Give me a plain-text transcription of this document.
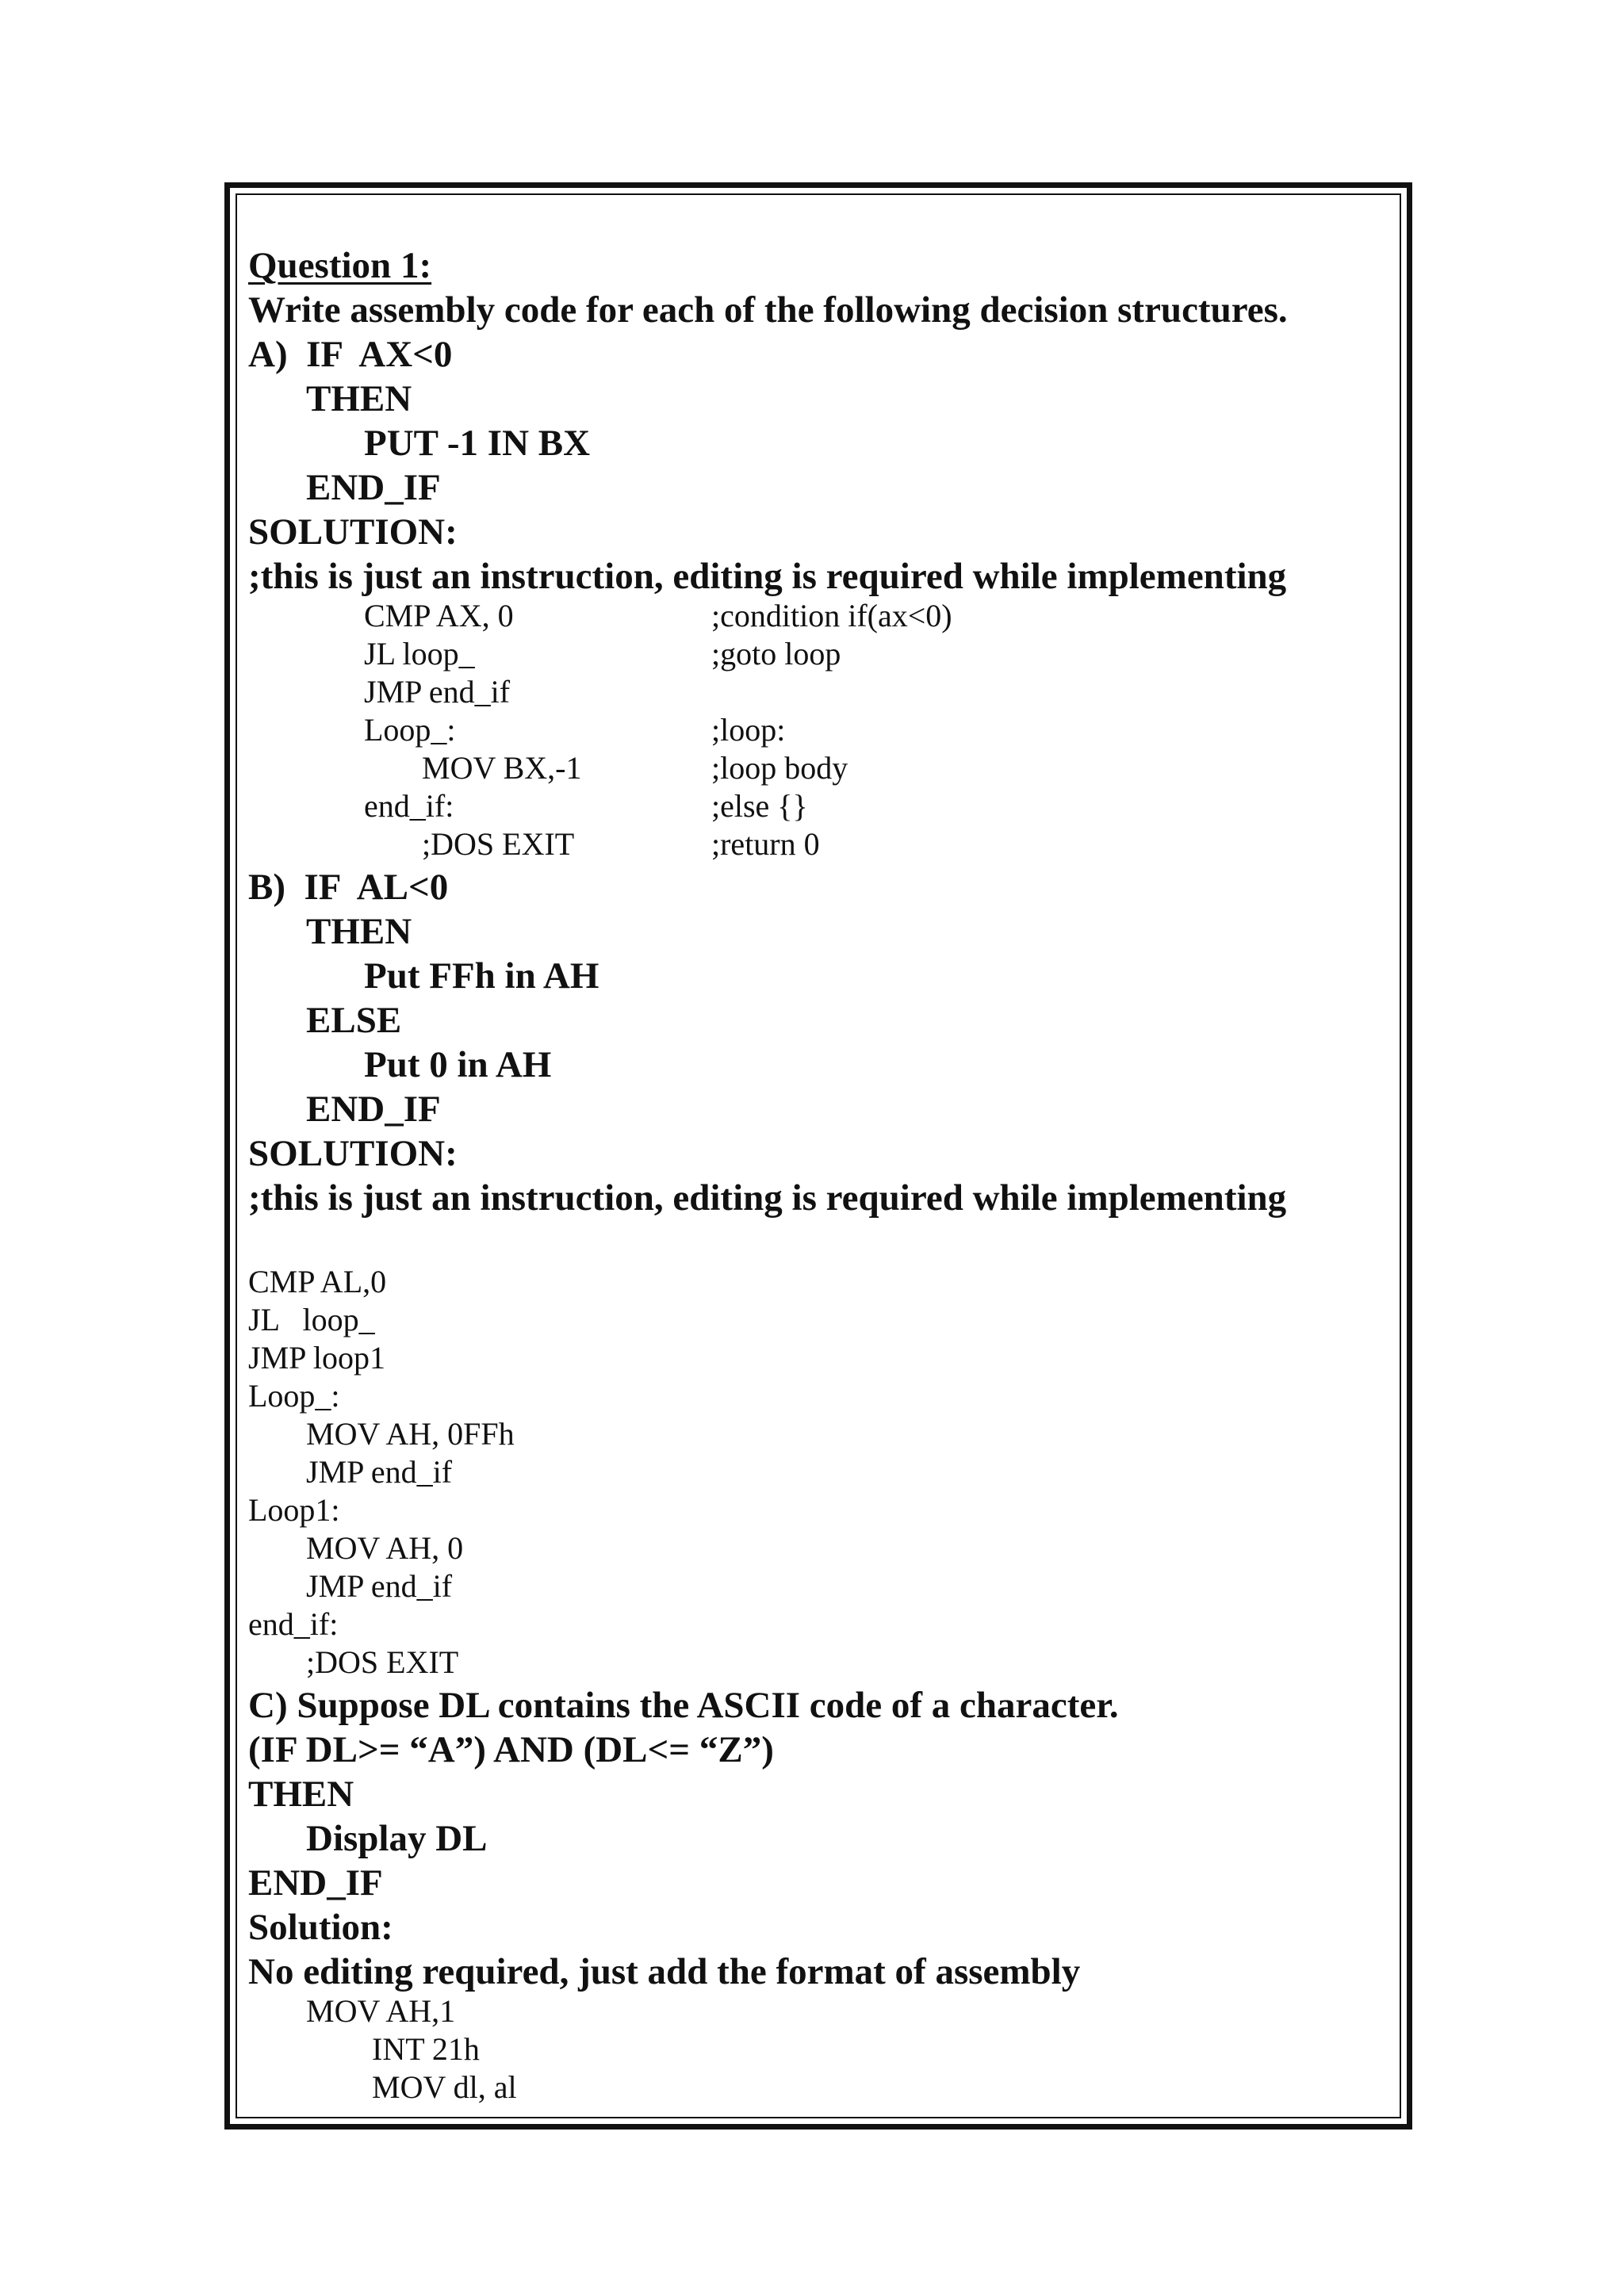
Question 1:
Write assembly code for each of the following decision structures.
A)  IF  AX<0
THEN
PUT -1 IN BX
END_IF
SOLUTION:
;this is just an instruction, editing is required while implementing
CMP AX, 0	;condition if(ax<0)
JL loop_	;goto loop
JMP end_if
Loop_:	;loop:
MOV BX,-1	;loop body
end_if:	;else {}
;DOS EXIT	;return 0
B)  IF  AL<0
THEN
Put FFh in AH
ELSE
Put 0 in AH
END_IF
SOLUTION:
;this is just an instruction, editing is required while implementing
CMP AL,0
JL   loop_
JMP loop1
Loop_:
MOV AH, 0FFh
JMP end_if
Loop1:
MOV AH, 0
JMP end_if
end_if:
;DOS EXIT
C) Suppose DL contains the ASCII code of a character.
(IF DL>= “A”) AND (DL<= “Z”)
THEN
Display DL
END_IF
Solution:
No editing required, just add the format of assembly
MOV AH,1
INT 21h
MOV dl, al
